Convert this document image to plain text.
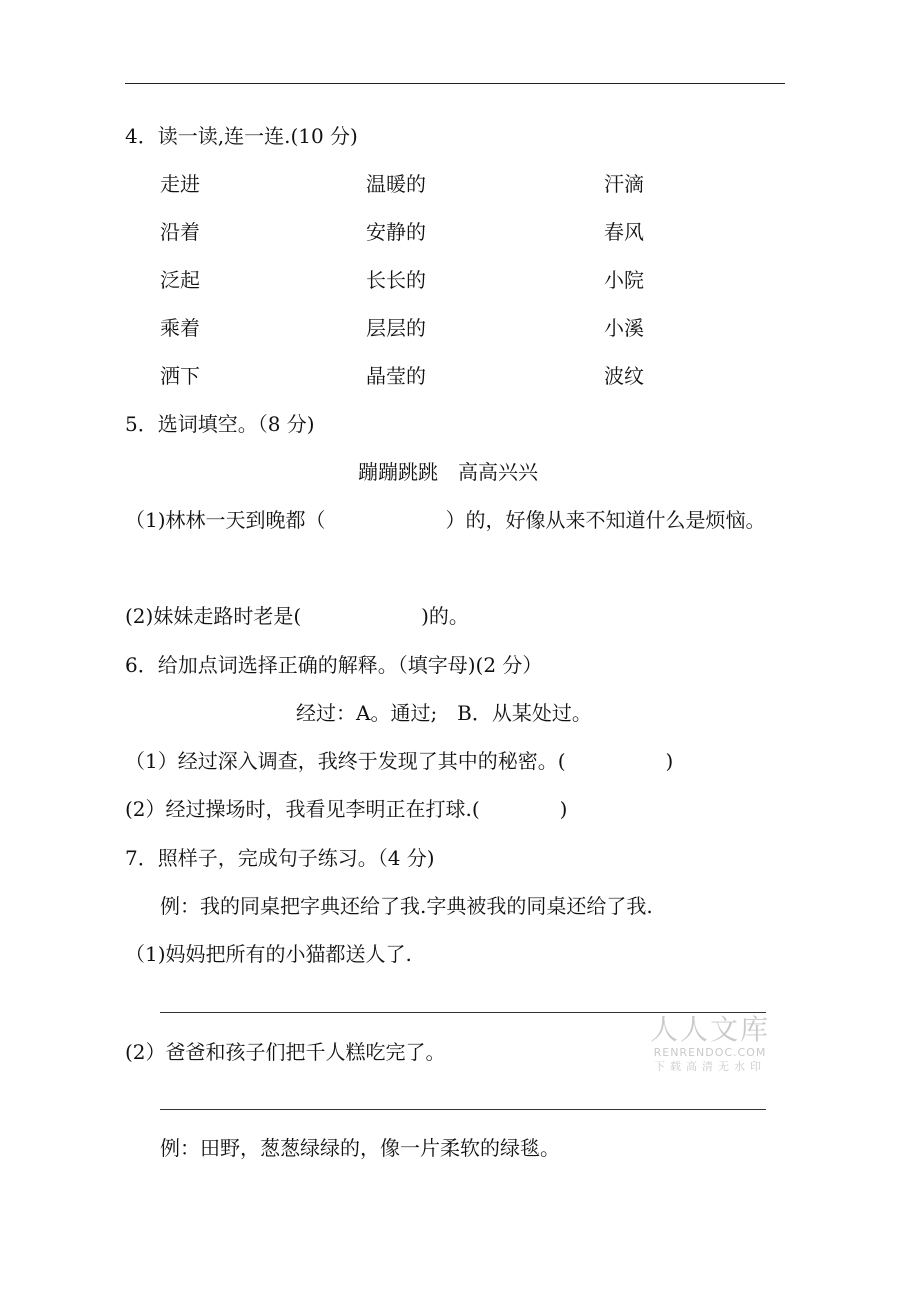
4．读一读,连一连.(10 分)
走进
沿着
泛起
乘着
洒下
温暖的
安静的
长长的
层层的
晶莹的
汗滴
春风
小院
小溪
波纹
5．选词填空。（8 分)
蹦蹦跳跳　高高兴兴
（1)林林一天到晚都（　　　　　　）的，好像从来不知道什么是烦恼。
(2)妹妹走路时老是(　　　　　　)的。
6．给加点词选择正确的解释。（填字母)(2 分）
经过：A。通过;　B．从某处过。
（1）经过深入调查，我终于发现了其中的秘密。(　　　　　)
(2）经过操场时，我看见李明正在打球.(　　　　)
7．照样子，完成句子练习。（4 分)
例：我的同桌把字典还给了我.字典被我的同桌还给了我.
（1)妈妈把所有的小猫都送人了.
(2）爸爸和孩子们把千人糕吃完了。
例：田野，葱葱绿绿的，像一片柔软的绿毯。
人人文库
RENRENDOC.COM
下载高清无水印
